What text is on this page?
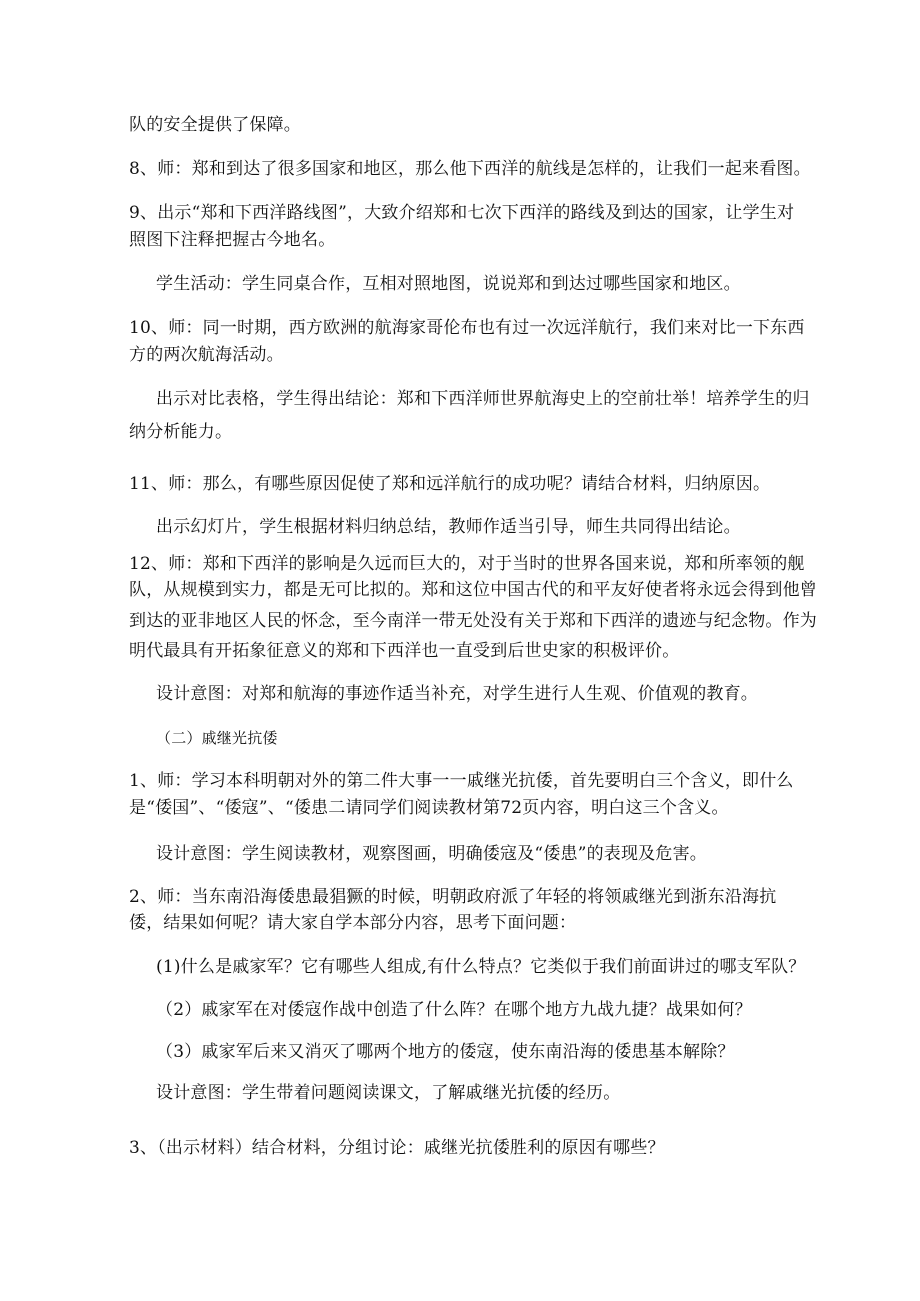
队的安全提供了保障。
8、师：郑和到达了很多国家和地区，那么他下西洋的航线是怎样的，让我们一起来看图。
9、出示“郑和下西洋路线图”，大致介绍郑和七次下西洋的路线及到达的国家，让学生对
照图下注释把握古今地名。
学生活动：学生同桌合作，互相对照地图，说说郑和到达过哪些国家和地区。
10、师：同一时期，西方欧洲的航海家哥伦布也有过一次远洋航行，我们来对比一下东西
方的两次航海活动。
出示对比表格，学生得出结论：郑和下西洋师世界航海史上的空前壮举！培养学生的归
纳分析能力。
11、师：那么，有哪些原因促使了郑和远洋航行的成功呢？请结合材料，归纳原因。
出示幻灯片，学生根据材料归纳总结，教师作适当引导，师生共同得出结论。
12、师：郑和下西洋的影响是久远而巨大的，对于当时的世界各国来说，郑和所率领的舰
队，从规模到实力，都是无可比拟的。郑和这位中国古代的和平友好使者将永远会得到他曾
到达的亚非地区人民的怀念，至今南洋一带无处没有关于郑和下西洋的遗迹与纪念物。作为
明代最具有开拓象征意义的郑和下西洋也一直受到后世史家的积极评价。
设计意图：对郑和航海的事迹作适当补充，对学生进行人生观、价值观的教育。
（二）戚继光抗倭
1、师：学习本科明朝对外的第二件大事一一戚继光抗倭，首先要明白三个含义，即什么
是“倭国”、“倭寇”、“倭患二请同学们阅读教材第72页内容，明白这三个含义。
设计意图：学生阅读教材，观察图画，明确倭寇及“倭患”的表现及危害。
2、师：当东南沿海倭患最猖獗的时候，明朝政府派了年轻的将领戚继光到浙东沿海抗
倭，结果如何呢？请大家自学本部分内容，思考下面问题：
(1)什么是戚家军？它有哪些人组成,有什么特点？它类似于我们前面讲过的哪支军队？
（2）戚家军在对倭寇作战中创造了什么阵？在哪个地方九战九捷？战果如何？
（3）戚家军后来又消灭了哪两个地方的倭寇，使东南沿海的倭患基本解除？
设计意图：学生带着问题阅读课文，了解戚继光抗倭的经历。
3、（出示材料）结合材料，分组讨论：戚继光抗倭胜利的原因有哪些？
